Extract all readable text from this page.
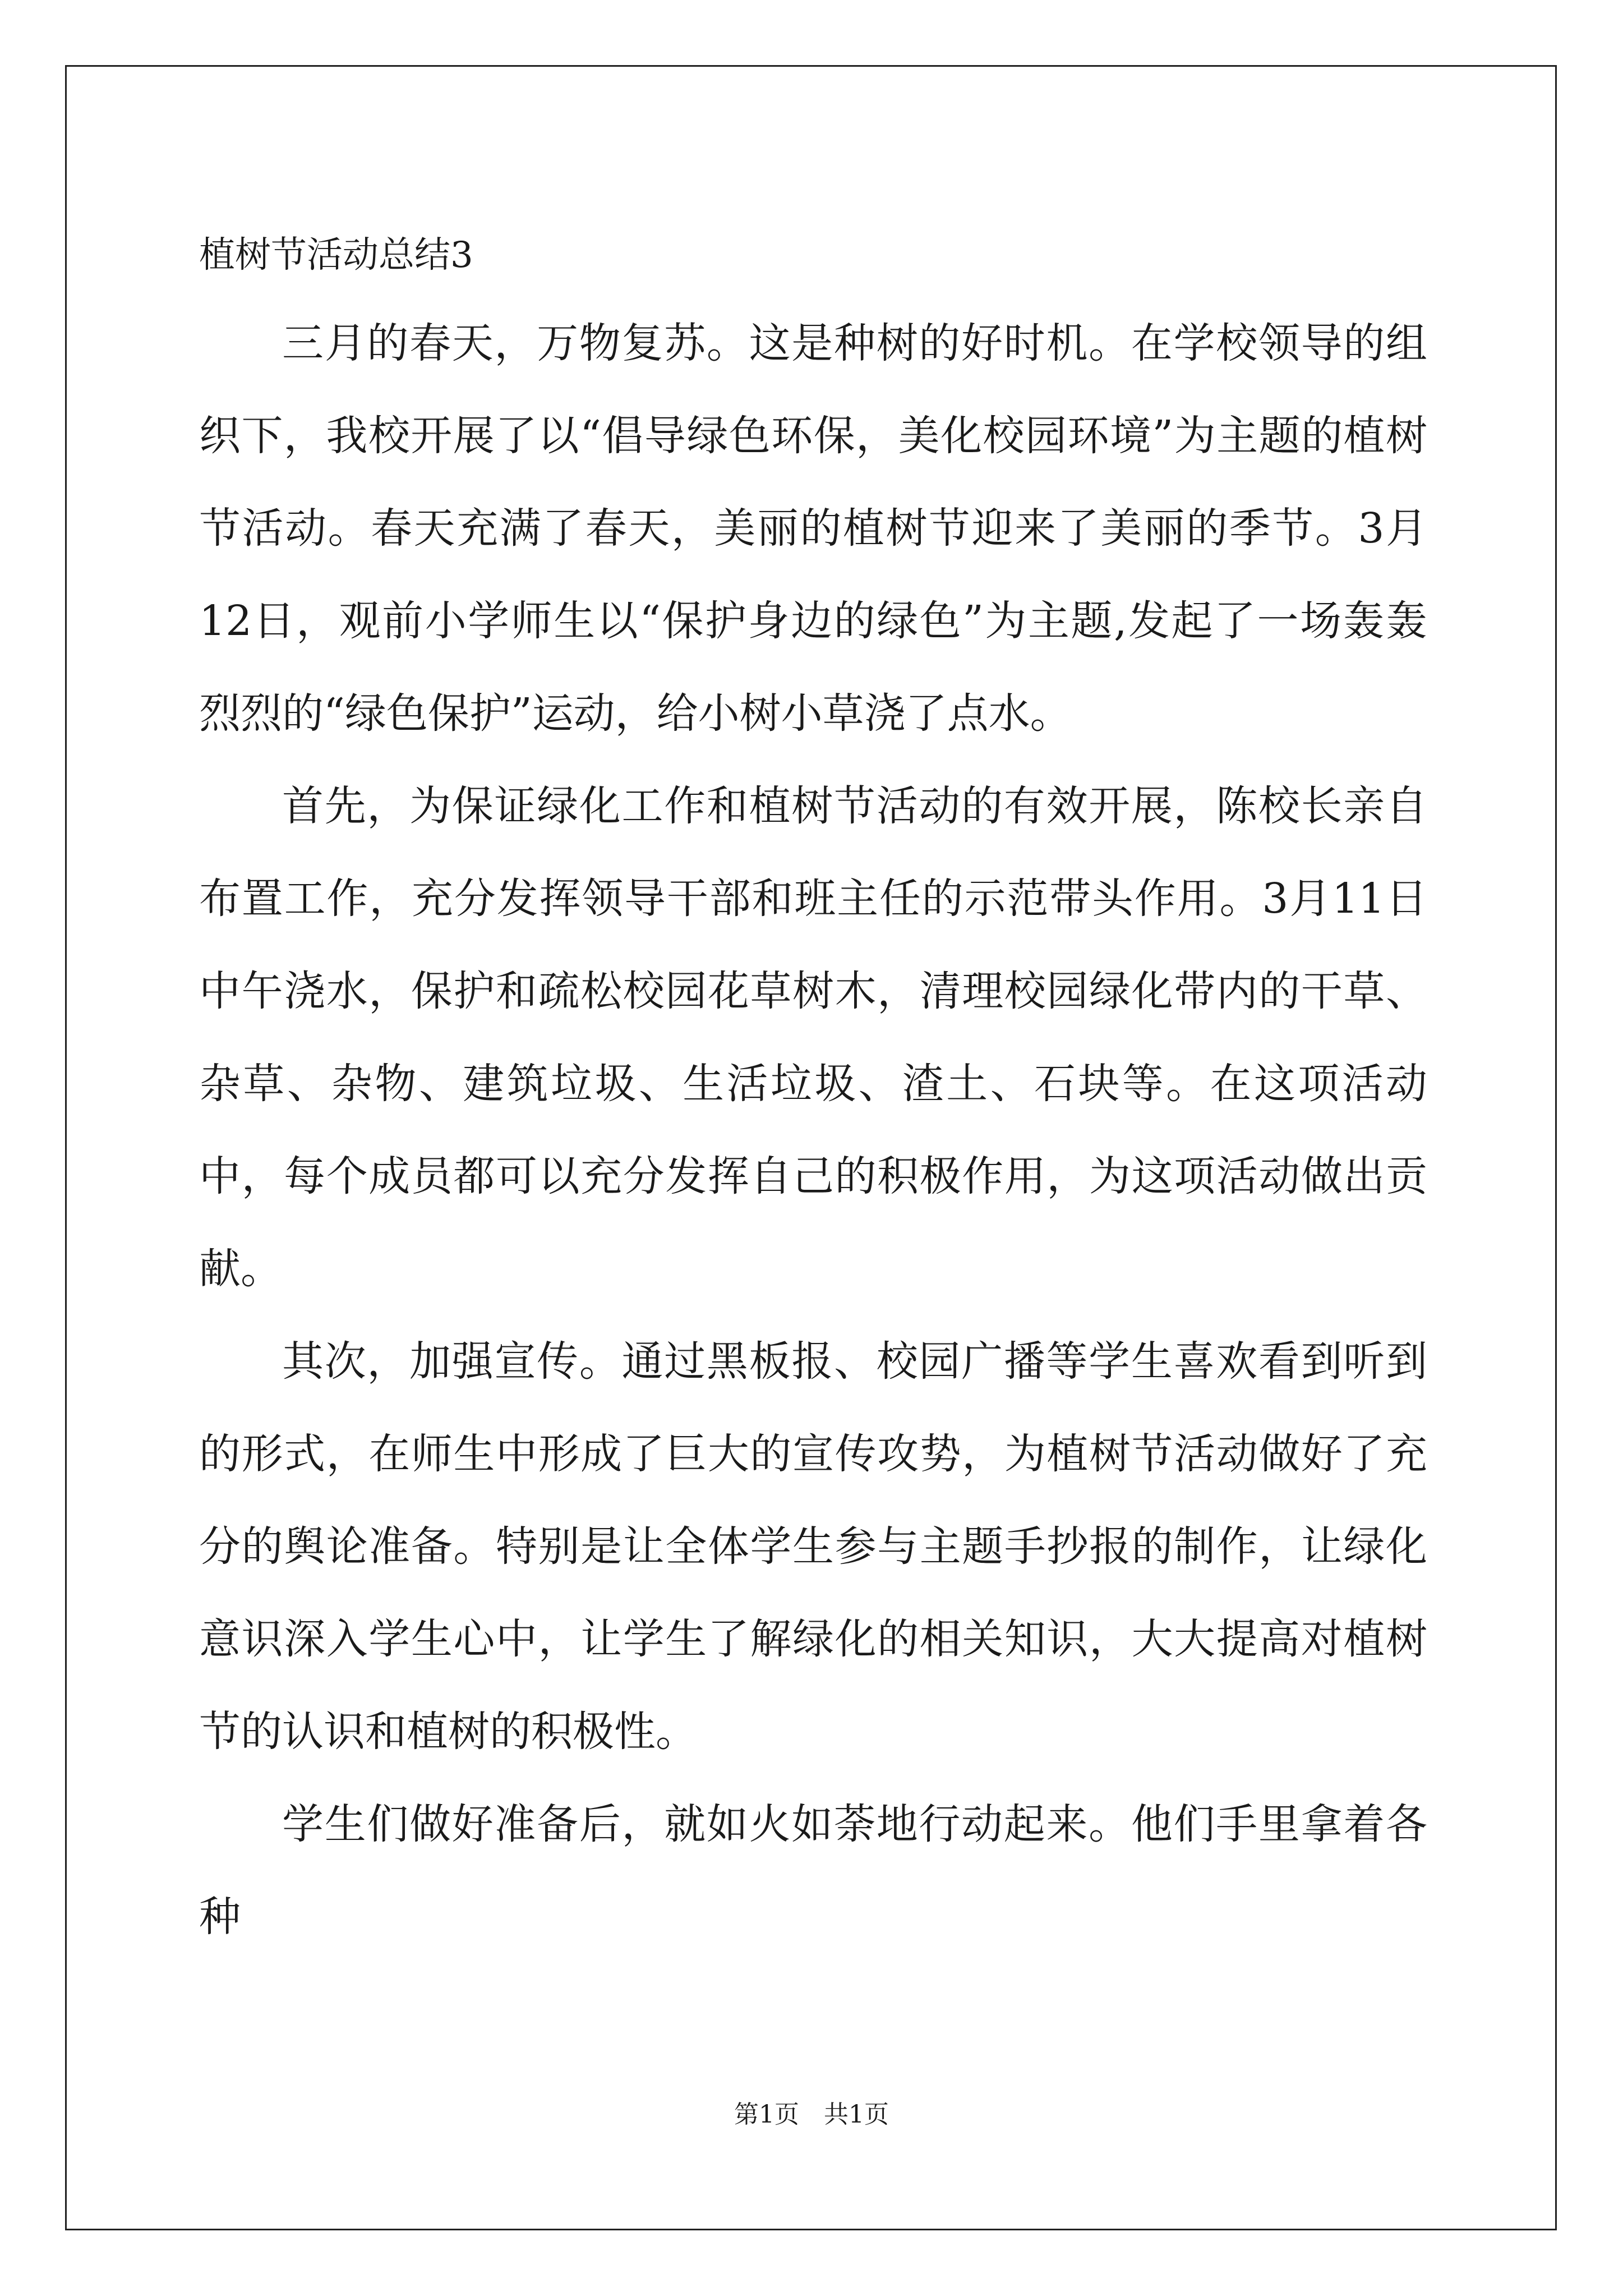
植树节活动总结3

三月的春天，万物复苏。这是种树的好时机。在学校领导的组织下，我校开展了以“倡导绿色环保，美化校园环境”为主题的植树节活动。春天充满了春天，美丽的植树节迎来了美丽的季节。3月12日，观前小学师生以“保护身边的绿色”为主题,发起了一场轰轰烈烈的“绿色保护”运动，给小树小草浇了点水。

首先，为保证绿化工作和植树节活动的有效开展，陈校长亲自布置工作，充分发挥领导干部和班主任的示范带头作用。3月11日中午浇水，保护和疏松校园花草树木，清理校园绿化带内的干草、杂草、杂物、建筑垃圾、生活垃圾、渣土、石块等。在这项活动中，每个成员都可以充分发挥自己的积极作用，为这项活动做出贡献。

其次，加强宣传。通过黑板报、校园广播等学生喜欢看到听到的形式，在师生中形成了巨大的宣传攻势，为植树节活动做好了充分的舆论准备。特别是让全体学生参与主题手抄报的制作，让绿化意识深入学生心中，让学生了解绿化的相关知识，大大提高对植树节的认识和植树的积极性。

学生们做好准备后，就如火如荼地行动起来。他们手里拿着各种

第1页　共1页
